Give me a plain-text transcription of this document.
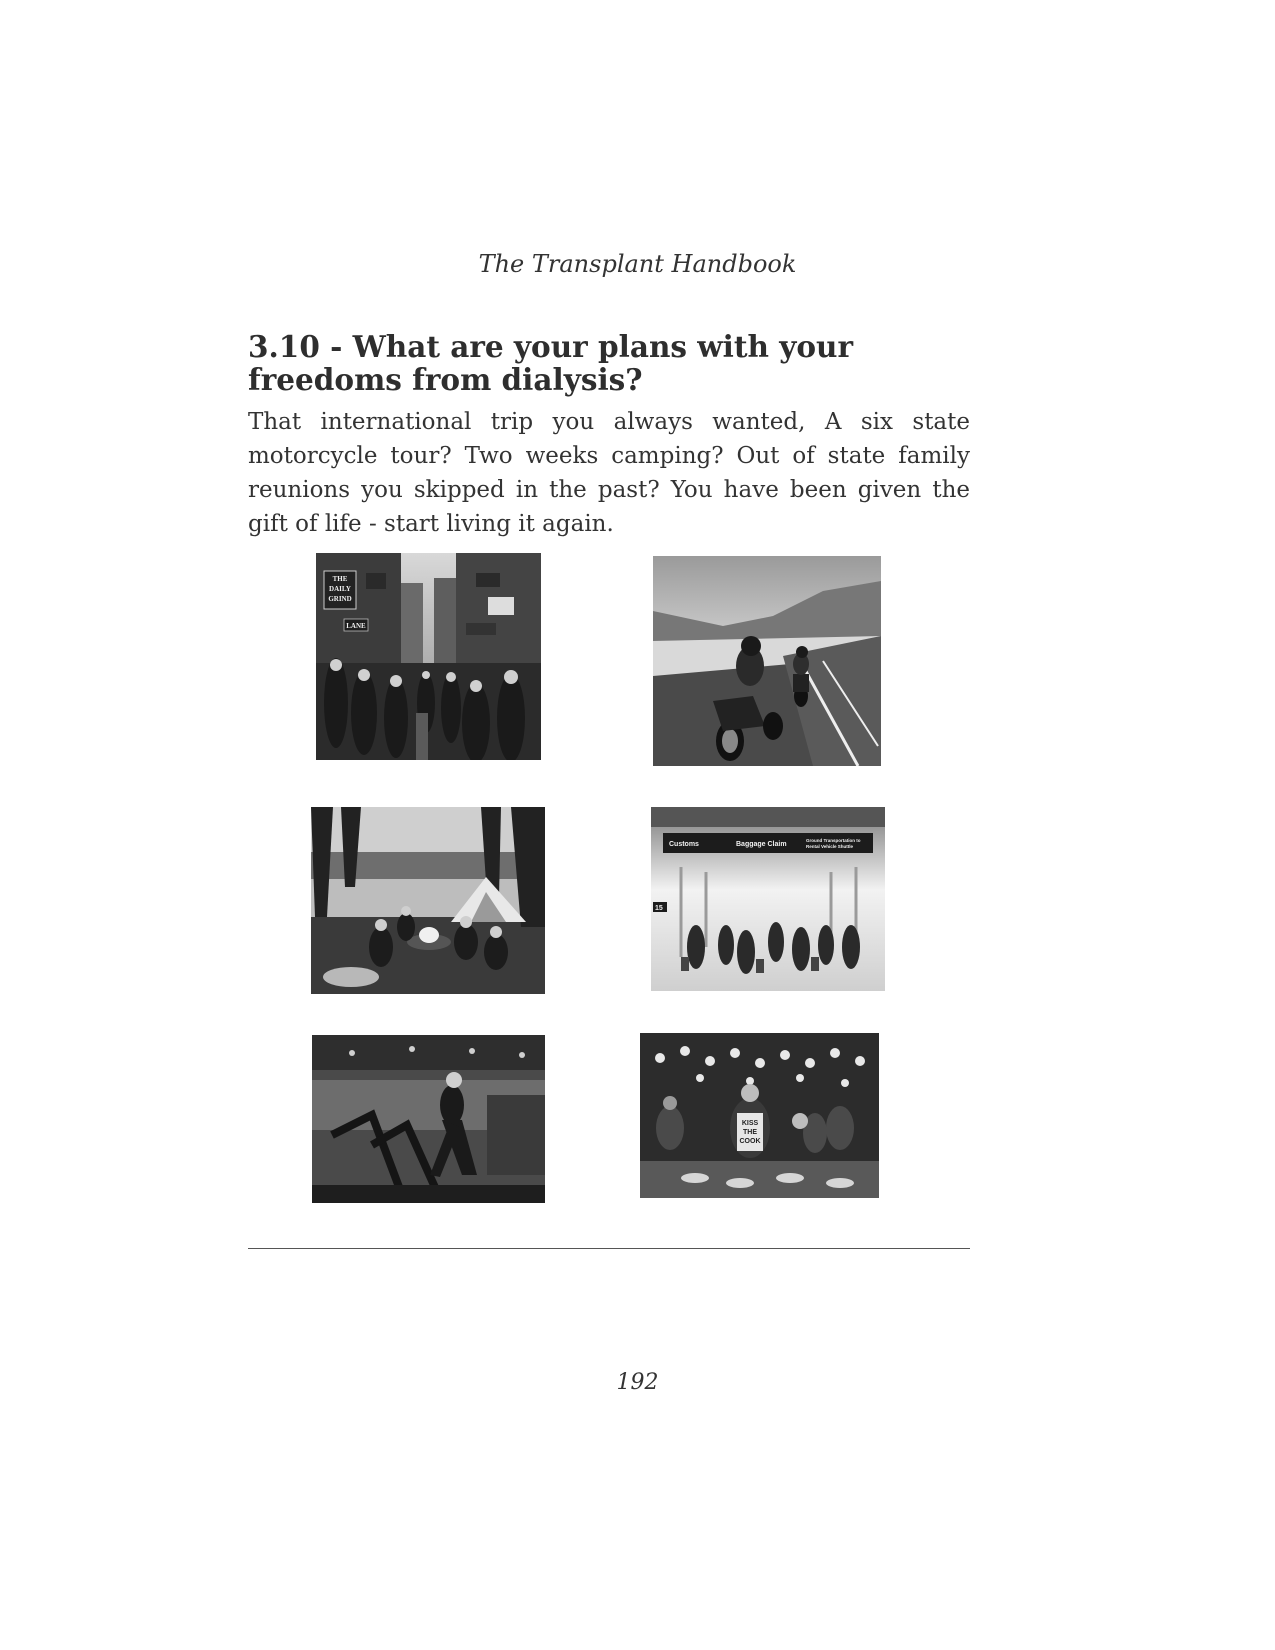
The Transplant Handbook
3.10 - What are your plans with your freedoms from dialysis?

That international trip you always wanted, A six state motorcycle tour? Two weeks camping? Out of state family reunions you skipped in the past? You have been given the gift of life - start living it again.

THE
DAILY
GRIND
LANE
Customs	Baggage Claim
Ground Transportation to
Rental Vehicle Shuttle
15
KISS
THE
COOK
192
